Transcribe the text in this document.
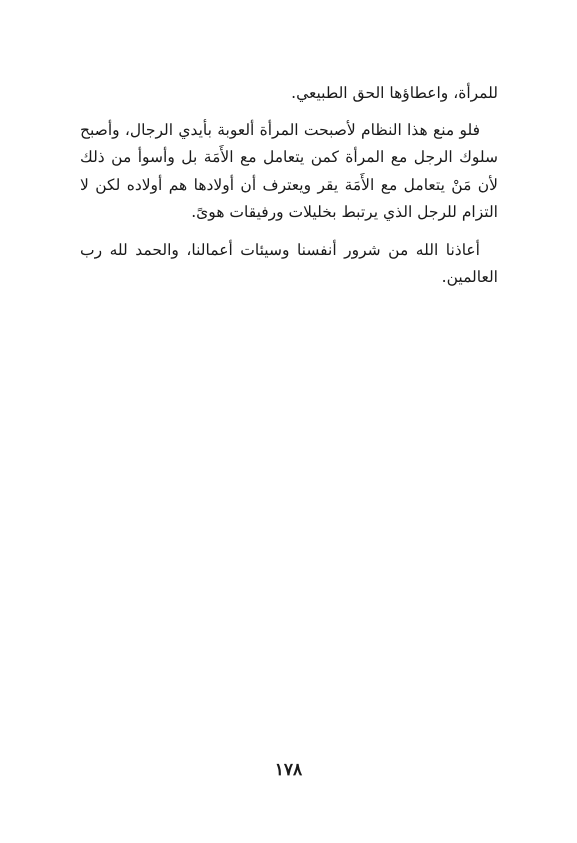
للمرأة، واعطاؤها الحق الطبيعي.

فلو منع هذا النظام لأصبحت المرأة ألعوبة بأيدي الرجال، وأصبح سلوك الرجل مع المرأة كمن يتعامل مع الأَمَة بل وأسوأ من ذلك لأن مَنْ يتعامل مع الأَمَة يقر ويعترف أن أولادها هم أولاده لكن لا التزام للرجل الذي يرتبط بخليلات ورفيقات هوىً.

أعاذنا الله من شرور أنفسنا وسيئات أعمالنا، والحمد لله رب العالمين.

١٧٨
